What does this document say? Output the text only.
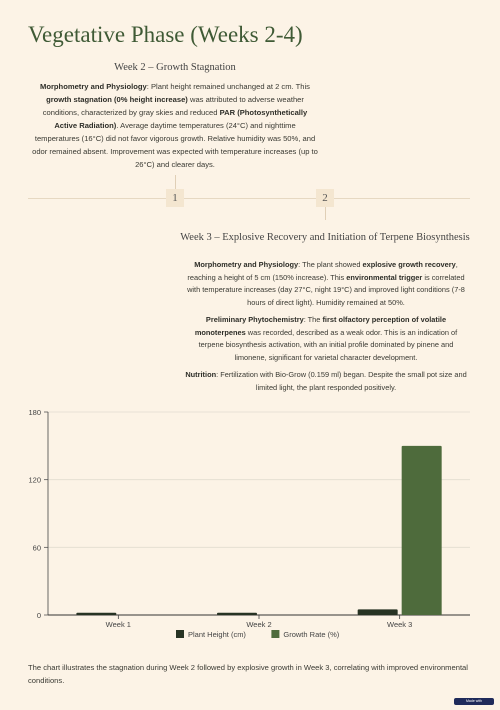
Vegetative Phase (Weeks 2-4)
Week 2 – Growth Stagnation
Morphometry and Physiology: Plant height remained unchanged at 2 cm. This growth stagnation (0% height increase) was attributed to adverse weather conditions, characterized by gray skies and reduced PAR (Photosynthetically Active Radiation). Average daytime temperatures (24°C) and nighttime temperatures (16°C) did not favor vigorous growth. Relative humidity was 50%, and odor remained absent. Improvement was expected with temperature increases (up to 26°C) and clearer days.
1	2
Week 3 – Explosive Recovery and Initiation of Terpene Biosynthesis

Morphometry and Physiology: The plant showed explosive growth recovery, reaching a height of 5 cm (150% increase). This environmental trigger is correlated with temperature increases (day 27°C, night 19°C) and improved light conditions (7-8 hours of direct light). Humidity remained at 50%.

Preliminary Phytochemistry: The first olfactory perception of volatile monoterpenes was recorded, described as a weak odor. This is an indication of terpene biosynthesis activation, with an initial profile dominated by pinene and limonene, significant for varietal character development.

Nutrition: Fertilization with Bio-Grow (0.159 ml) began. Despite the small pot size and limited light, the plant responded positively.

0
60
120
180
Week 1	Week 2	Week 3
Plant Height (cm)	Growth Rate (%)
The chart illustrates the stagnation during Week 2 followed by explosive growth in Week 3, correlating with improved environmental conditions.
Made with
